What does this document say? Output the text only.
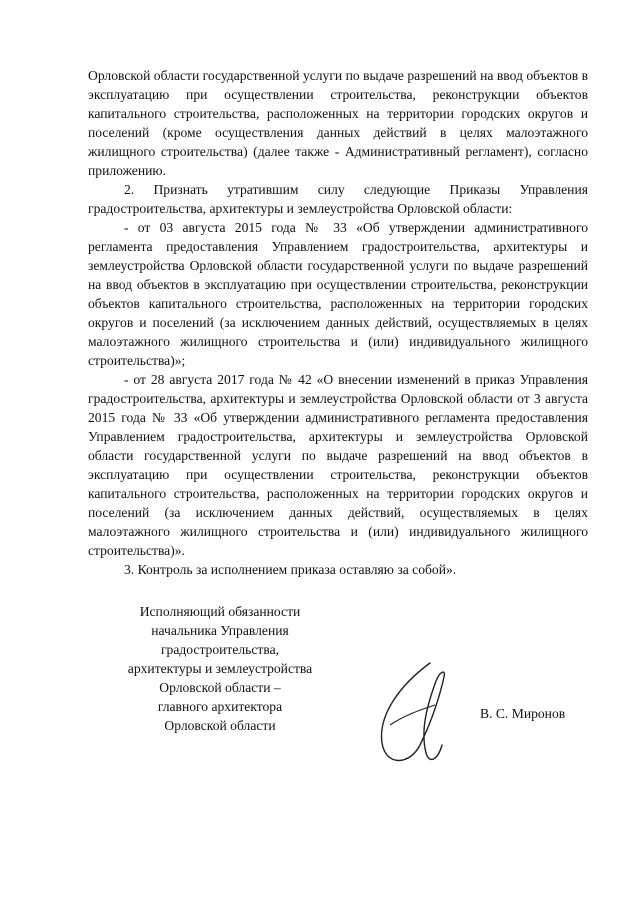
Орловской области государственной услуги по выдаче разрешений на ввод объектов в эксплуатацию при осуществлении строительства, реконструкции объектов капитального строительства, расположенных на территории городских округов и поселений (кроме осуществления данных действий в целях малоэтажного жилищного строительства) (далее также - Административный регламент), согласно приложению.

2. Признать утратившим силу следующие Приказы Управления градостроительства, архитектуры и землеустройства Орловской области:

- от 03 августа 2015 года № 33 «Об утверждении административного регламента предоставления Управлением градостроительства, архитектуры и землеустройства Орловской области государственной услуги по выдаче разрешений на ввод объектов в эксплуатацию при осуществлении строительства, реконструкции объектов капитального строительства, расположенных на территории городских округов и поселений (за исключением данных действий, осуществляемых в целях малоэтажного жилищного строительства и (или) индивидуального жилищного строительства)»;

- от 28 августа 2017 года № 42 «О внесении изменений в приказ Управления градостроительства, архитектуры и землеустройства Орловской области от 3 августа 2015 года № 33 «Об утверждении административного регламента предоставления Управлением градостроительства, архитектуры и землеустройства Орловской области государственной услуги по выдаче разрешений на ввод объектов в эксплуатацию при осуществлении строительства, реконструкции объектов капитального строительства, расположенных на территории городских округов и поселений (за исключением данных действий, осуществляемых в целях малоэтажного жилищного строительства и (или) индивидуального жилищного строительства)».

3. Контроль за исполнением приказа оставляю за собой».

Исполняющий обязанности
начальника Управления
градостроительства,
архитектуры и землеустройства
Орловской области –
главного архитектора
Орловской области
В. С. Миронов
